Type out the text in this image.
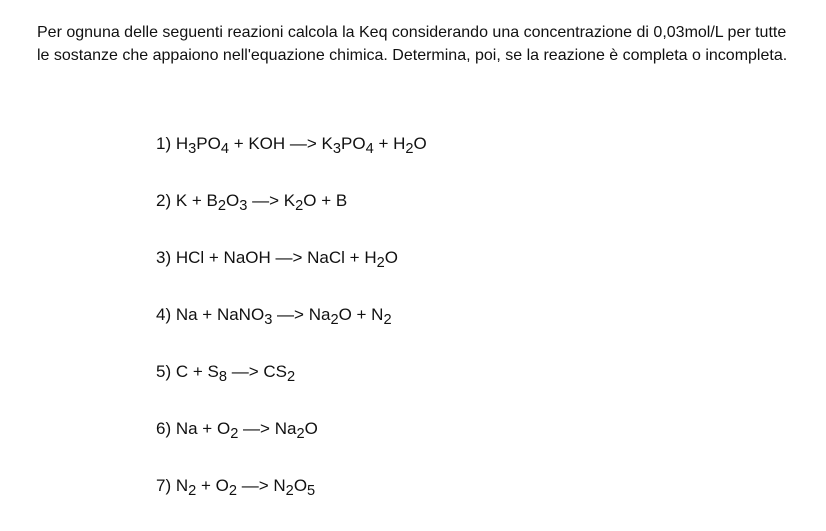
Per ognuna delle seguenti reazioni calcola la Keq considerando una concentrazione di 0,03mol/L per tutte le sostanze che appaiono nell'equazione chimica. Determina, poi, se la reazione è completa o incompleta.

1) H3PO4 + KOH —> K3PO4 + H2O
2) K + B2O3 —> K2O + B
3) HCl + NaOH —> NaCl + H2O
4) Na + NaNO3 —> Na2O + N2
5) C + S8 —> CS2
6) Na + O2 —> Na2O
7) N2 + O2 —> N2O5
